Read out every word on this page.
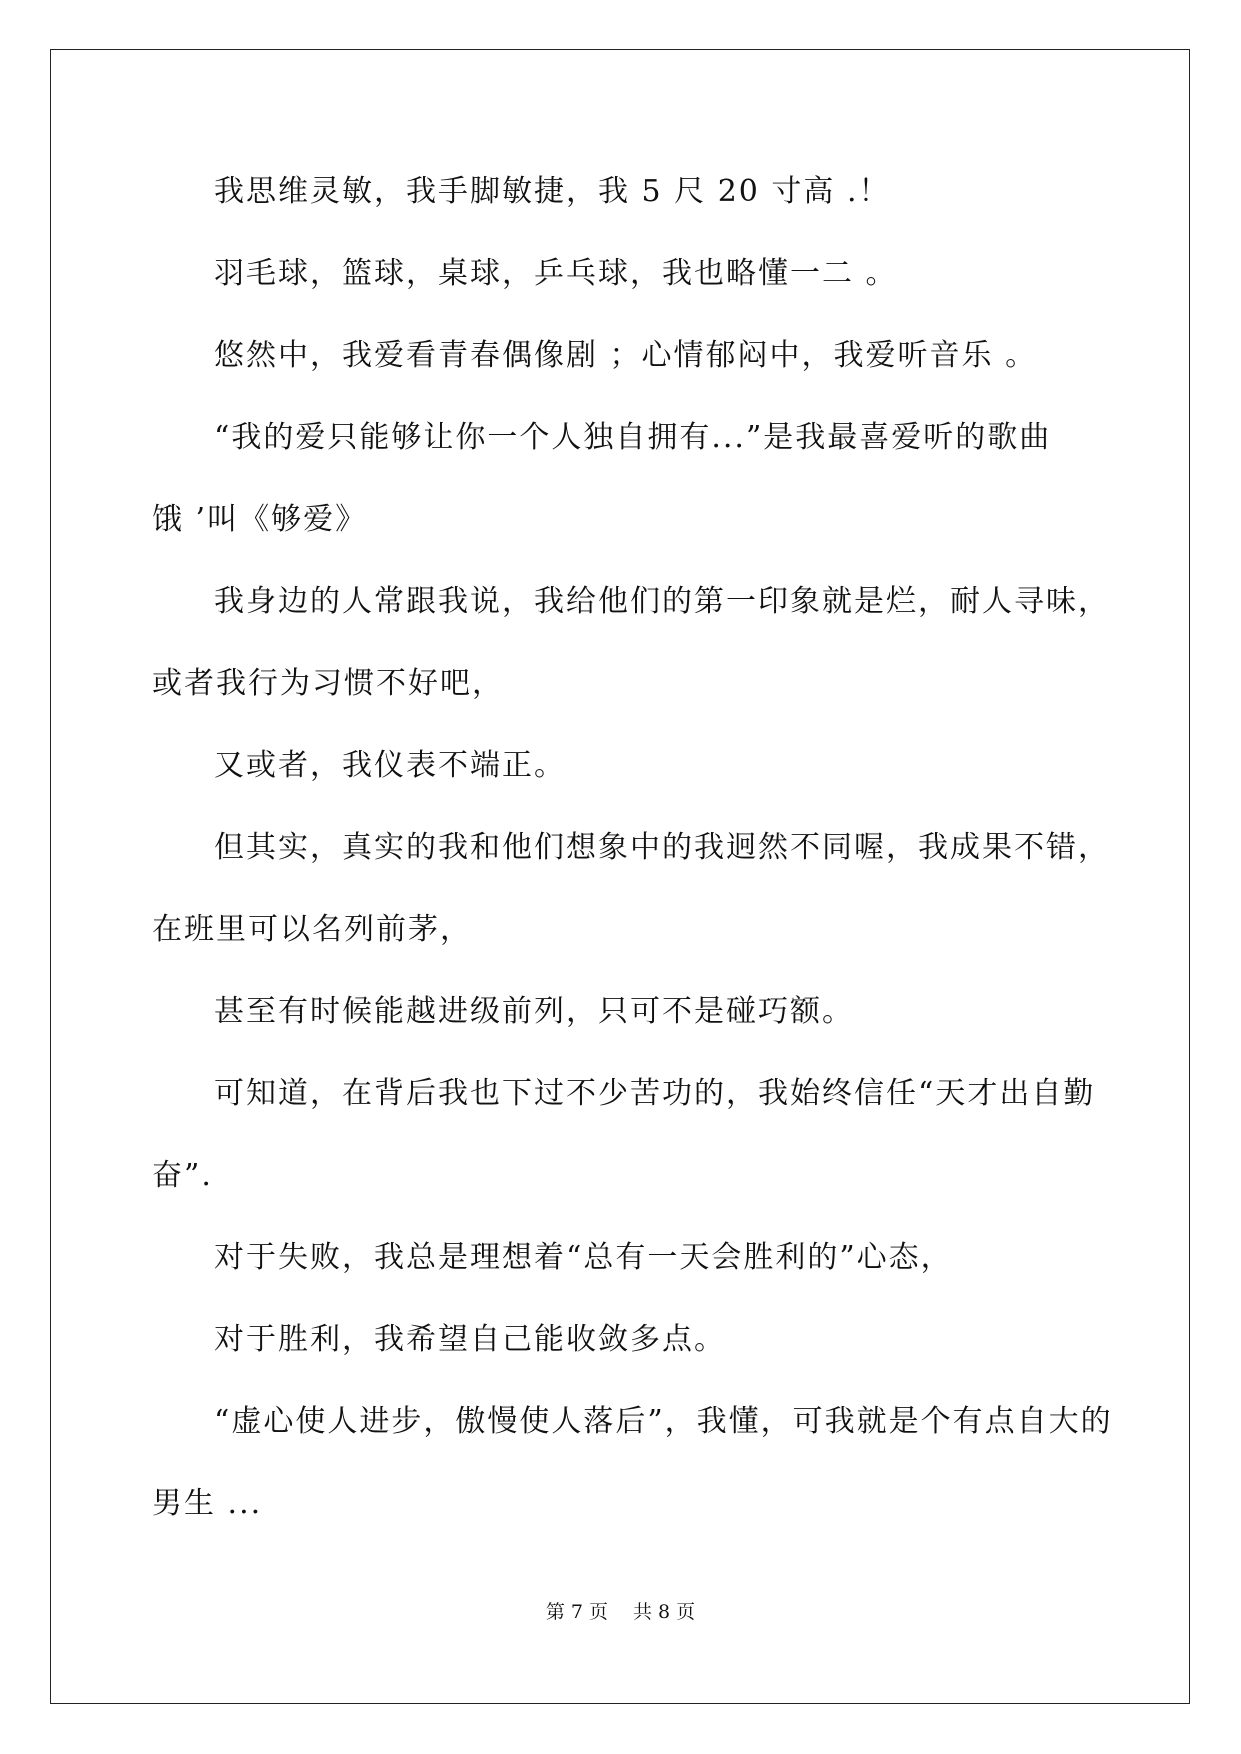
我思维灵敏，我手脚敏捷，我 5 尺 20 寸高 .！
羽毛球，篮球，桌球，乒乓球，我也略懂一二 。
悠然中，我爱看青春偶像剧 ；心情郁闷中，我爱听音乐 。
“我的爱只能够让你一个人独自拥有...”是我最喜爱听的歌曲
饿 ’叫《够爱》
我身边的人常跟我说，我给他们的第一印象就是烂，耐人寻味，
或者我行为习惯不好吧，
又或者，我仪表不端正。
但其实，真实的我和他们想象中的我迥然不同喔，我成果不错，
在班里可以名列前茅，
甚至有时候能越进级前列，只可不是碰巧额。
可知道，在背后我也下过不少苦功的，我始终信任“天才出自勤
奋”.
对于失败，我总是理想着“总有一天会胜利的”心态，
对于胜利，我希望自己能收敛多点。
“虚心使人进步，傲慢使人落后”，我懂，可我就是个有点自大的
男生 ...
第 7 页　 共 8 页
